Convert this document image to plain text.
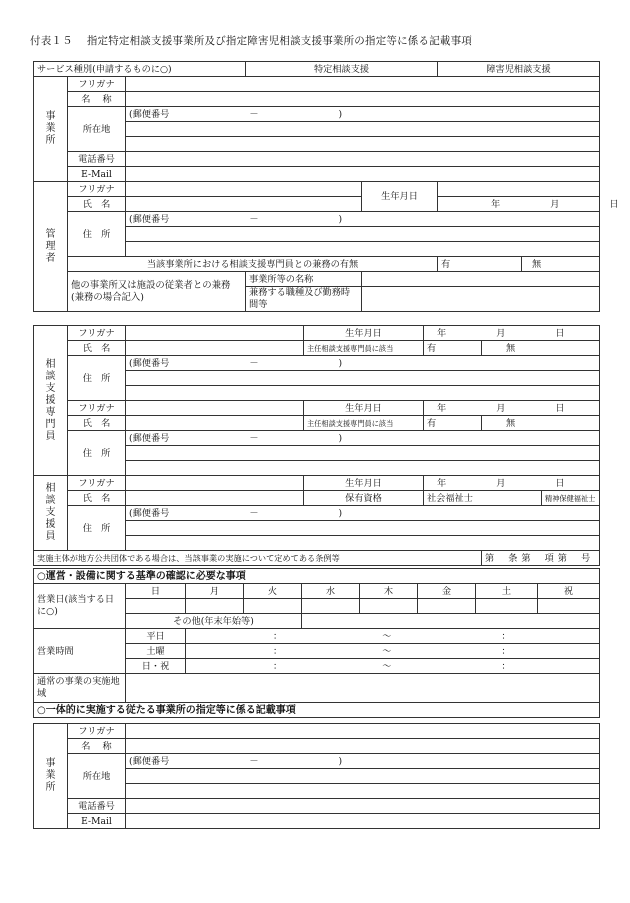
付表１５ 指定特定相談支援事業所及び指定障害児相談支援事業所の指定等に係る記載事項
サービス種別(申請するものに○)			特定相談支援		障害児相談支援	

事業所	フリガナ					
	名　 称					
	所在地	(郵便番号 － )				

	電話番号					
	E-Mail					

管理者	フリガナ			生年月日		
	氏　名				年 月 日	
	住　所	(郵便番号 － )				

	当該事業所における相談支援専門員との兼務の有無				有	無
	他の事業所又は施設の従業者との兼務(兼務の場合記入)		事業所等の名称			
			兼務する職種及び勤務時間等			

相談支援専門員	フリガナ		生年月日	年 月 日		
	氏　名		主任相談支援専門員に該当	有	無	
	住　所	(郵便番号 － )				

	フリガナ		生年月日	年 月 日		
	氏　名		主任相談支援専門員に該当	有	無	
	住　所	(郵便番号 － )				

相談支援員	フリガナ		生年月日	年 月 日		
	氏　名		保有資格	社会福祉士		精神保健福祉士
	住　所	(郵便番号 － )				

実施主体が地方公共団体である場合は、当該事業の実施について定めてある条例等					第 条 第 項 第 号	
○運営・設備に関する基準の確認に必要な事項								
営業日(該当する日に○)	日	月	火	水	木	金	土	祝

	その他(年末年始等)							
営業時間	平日	： ～ ：						
	土曜	： ～ ：						
	日・祝	： ～ ：						
通常の事業の実施地域								
○一体的に実施する従たる事業所の指定等に係る記載事項								
事業所	フリガナ	
	名　 称	
	所在地	(郵便番号 － )

	電話番号	
	E-Mail	
